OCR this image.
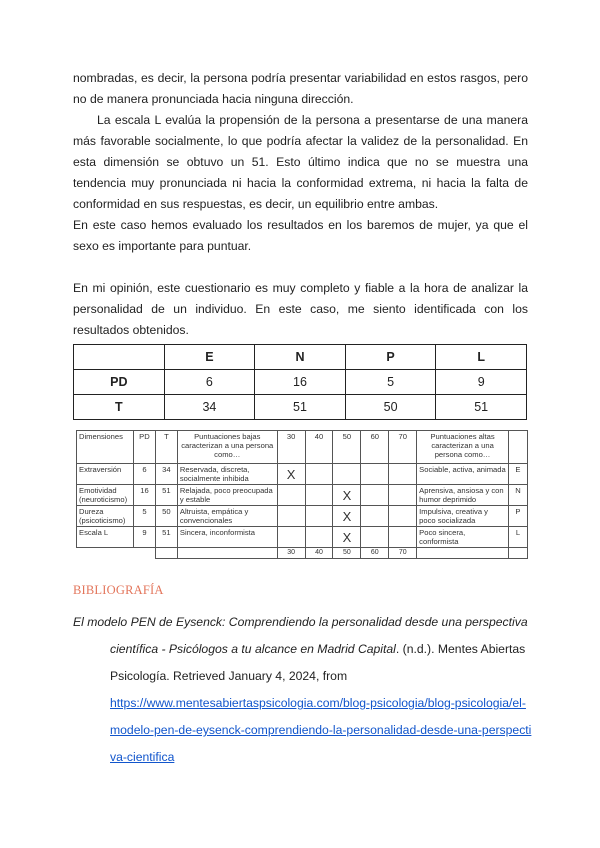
nombradas, es decir, la persona podría presentar variabilidad en estos rasgos, pero
no de manera pronunciada hacia ninguna dirección.
La escala L evalúa la propensión de la persona a presentarse de una manera
más favorable socialmente, lo que podría afectar la validez de la personalidad. En
esta dimensión se obtuvo un 51. Esto último indica que no se muestra una
tendencia muy pronunciada ni hacia la conformidad extrema, ni hacia la falta de
conformidad en sus respuestas, es decir, un equilibrio entre ambas.
En este caso hemos evaluado los resultados en los baremos de mujer, ya que el
sexo es importante para puntuar.
En mi opinión, este cuestionario es muy completo y fiable a la hora de analizar la
personalidad de un individuo. En este caso, me siento identificada con los
resultados obtenidos.
	E	N	P	L
PD	6	16	5	9
T	34	51	50	51
Dimensiones	PD	T	Puntuaciones bajas caracterizan a una persona como…	30	40	50	60	70	Puntuaciones altas caracterizan a una persona como…	
Extraversión	6	34	Reservada, discreta, socialmente inhibida	X					Sociable, activa, animada	E
Emotividad (neuroticismo)	16	51	Relajada, poco preocupada y estable			X			Aprensiva, ansiosa y con humor deprimido	N
Dureza (psicoticismo)	5	50	Altruista, empática y convencionales			X			Impulsiva, creativa y poco socializada	P
Escala L	9	51	Sincera, inconformista			X			Poco sincera, conformista	L
				30	40	50	60	70		
BIBLIOGRAFÍA
El modelo PEN de Eysenck: Comprendiendo la personalidad desde una perspectiva
científica - Psicólogos a tu alcance en Madrid Capital. (n.d.). Mentes Abiertas
Psicología. Retrieved January 4, 2024, from
https://www.mentesabiertaspsicologia.com/blog-psicologia/blog-psicologia/el-
modelo-pen-de-eysenck-comprendiendo-la-personalidad-desde-una-perspecti
va-cientifica
